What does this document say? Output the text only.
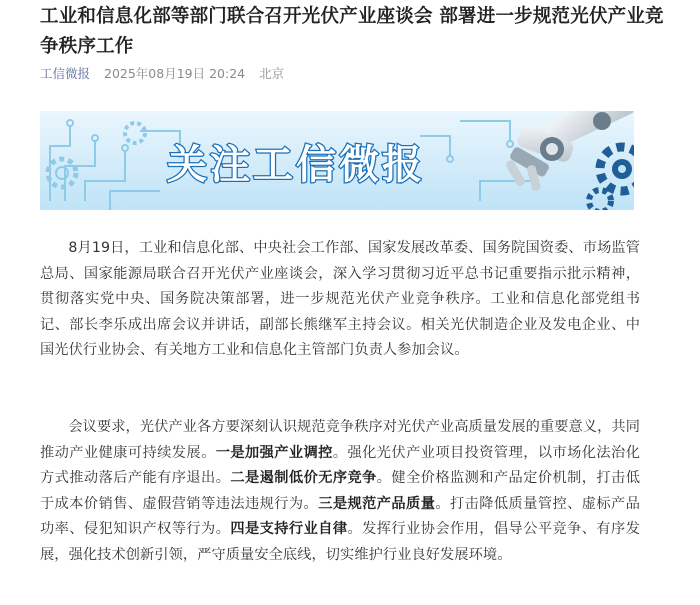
工业和信息化部等部门联合召开光伏产业座谈会 部署进一步规范光伏产业竞争秩序工作
工信微报 2025年08月19日 20:24 北京
关注工信微报

8月19日，工业和信息化部、中央社会工作部、国家发展改革委、国务院国资委、市场监管总局、国家能源局联合召开光伏产业座谈会，深入学习贯彻习近平总书记重要指示批示精神，贯彻落实党中央、国务院决策部署，进一步规范光伏产业竞争秩序。工业和信息化部党组书记、部长李乐成出席会议并讲话，副部长熊继军主持会议。相关光伏制造企业及发电企业、中国光伏行业协会、有关地方工业和信息化主管部门负责人参加会议。

会议要求，光伏产业各方要深刻认识规范竞争秩序对光伏产业高质量发展的重要意义，共同推动产业健康可持续发展。一是加强产业调控。强化光伏产业项目投资管理，以市场化法治化方式推动落后产能有序退出。二是遏制低价无序竞争。健全价格监测和产品定价机制，打击低于成本价销售、虚假营销等违法违规行为。三是规范产品质量。打击降低质量管控、虚标产品功率、侵犯知识产权等行为。四是支持行业自律。发挥行业协会作用，倡导公平竞争、有序发展，强化技术创新引领，严守质量安全底线，切实维护行业良好发展环境。
